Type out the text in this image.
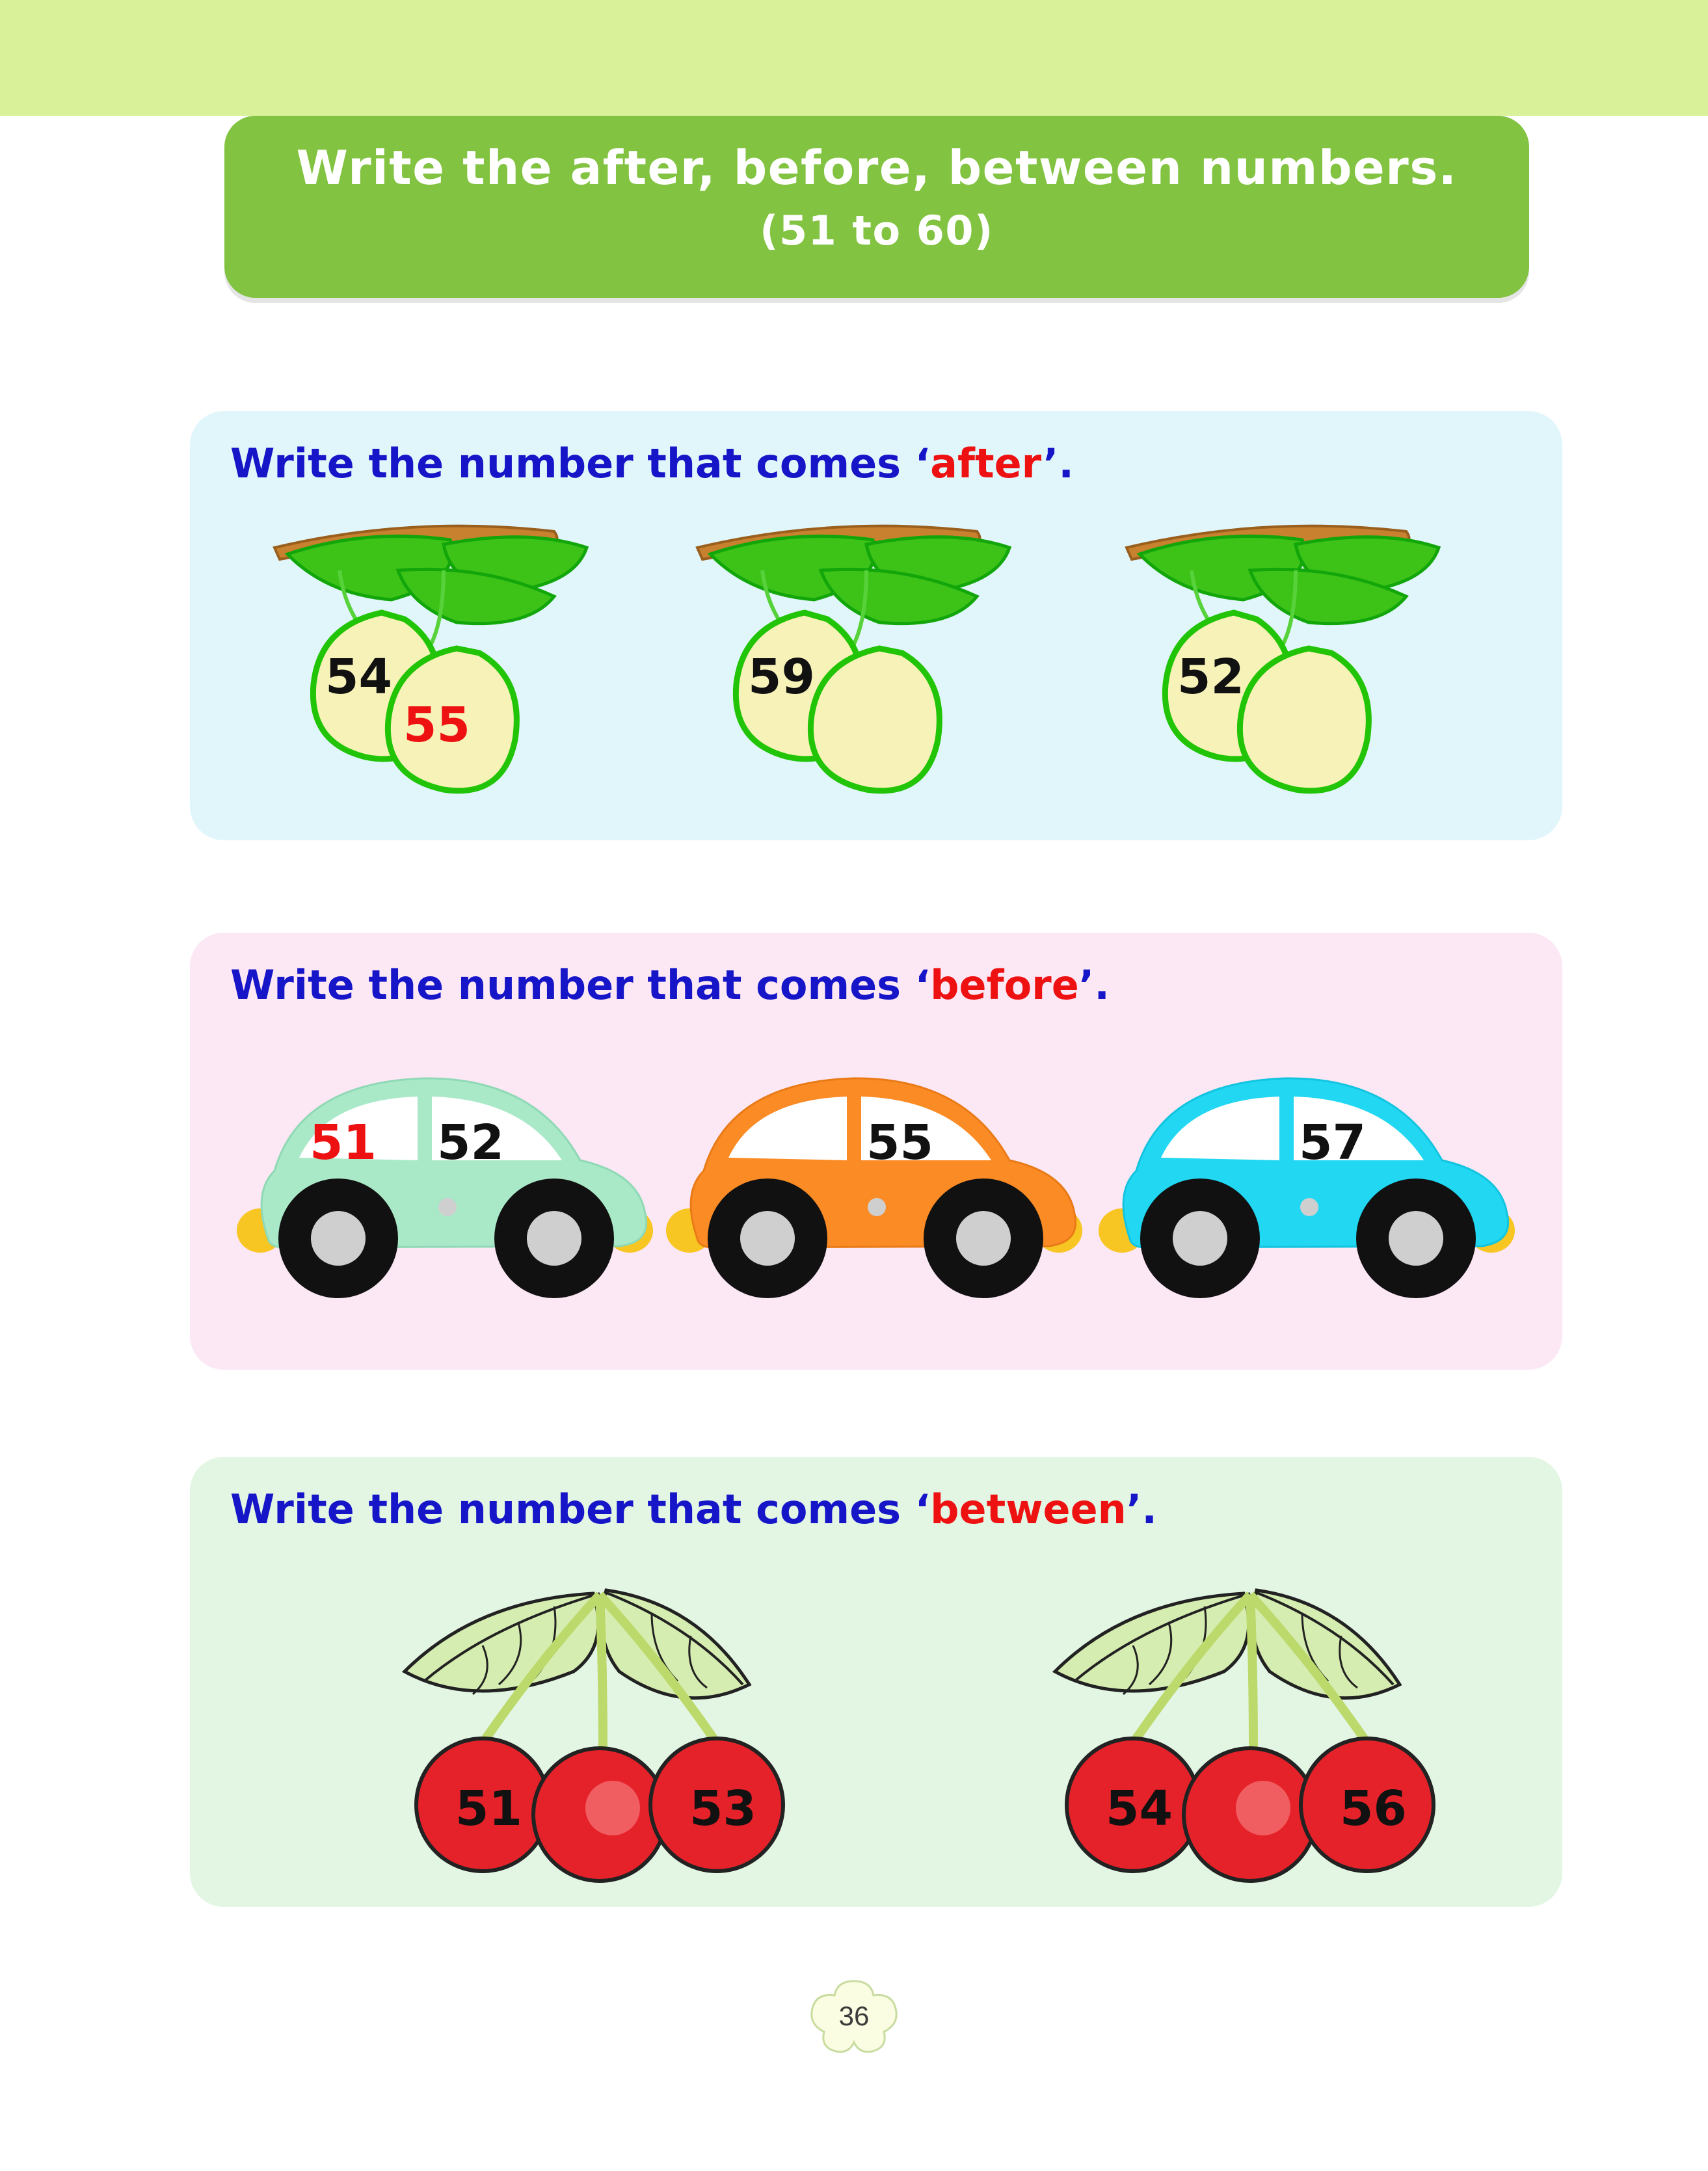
Write the after, before, between numbers.
(51 to 60)
Write the number that comes ‘after’.
54
55
59	52
Write the number that comes ‘before’.
51 52	55	57
Write the number that comes ‘between’.
51	53	54	56
36
